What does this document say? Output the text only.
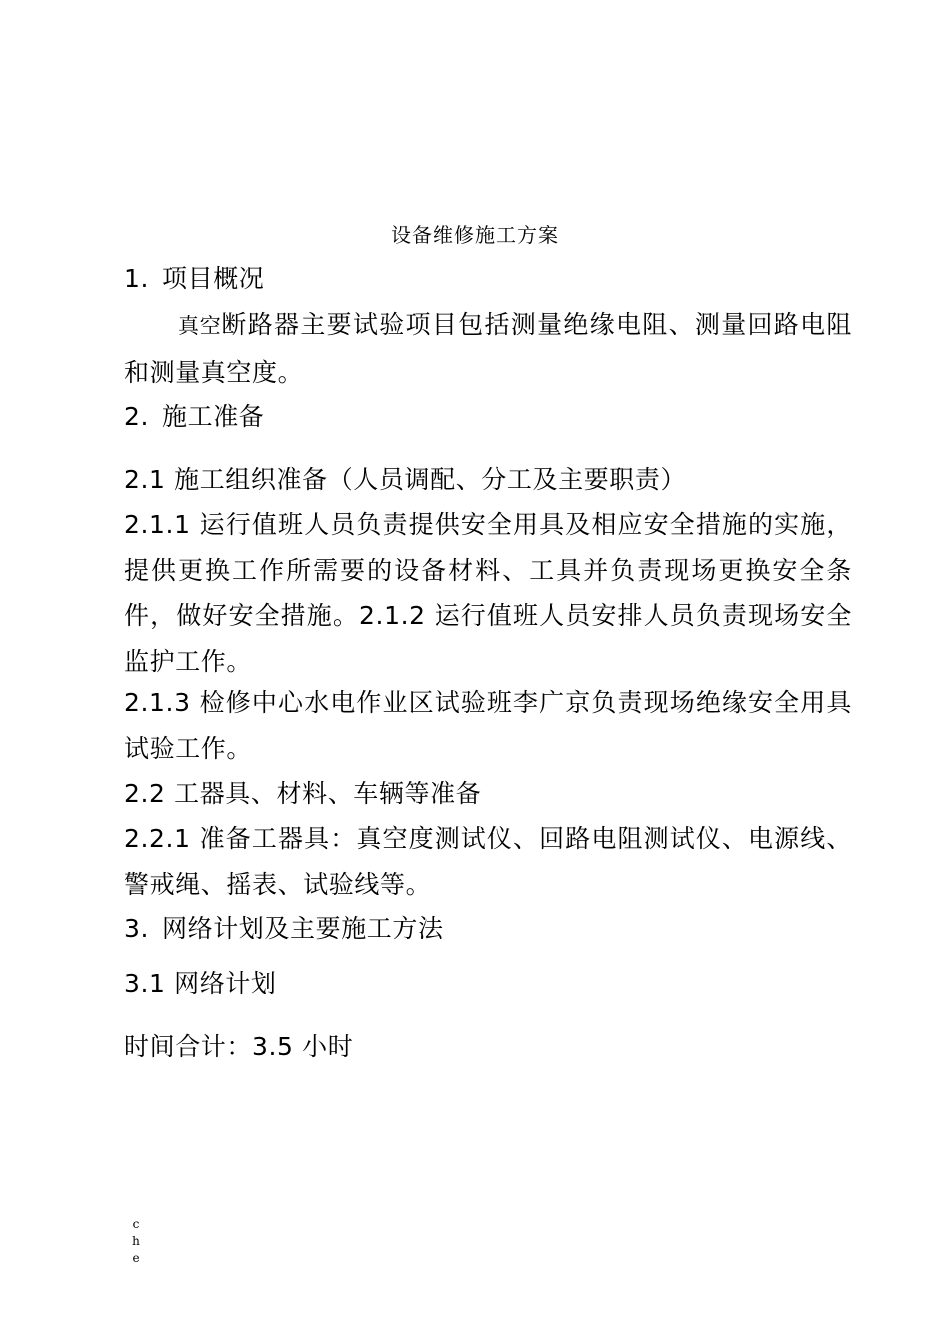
设备维修施工方案
1. 项目概况
真空断路器主要试验项目包括测量绝缘电阻、测量回路电阻和测量真空度。
2. 施工准备
2.1 施工组织准备（人员调配、分工及主要职责）
2.1.1 运行值班人员负责提供安全用具及相应安全措施的实施，提供更换工作所需要的设备材料、工具并负责现场更换安全条件，做好安全措施。2.1.2 运行值班人员安排人员负责现场安全监护工作。
2.1.3 检修中心水电作业区试验班李广京负责现场绝缘安全用具试验工作。
2.2 工器具、材料、车辆等准备
2.2.1 准备工器具：真空度测试仪、回路电阻测试仪、电源线、警戒绳、摇表、试验线等。
3. 网络计划及主要施工方法
3.1 网络计划
时间合计：3.5 小时
che
